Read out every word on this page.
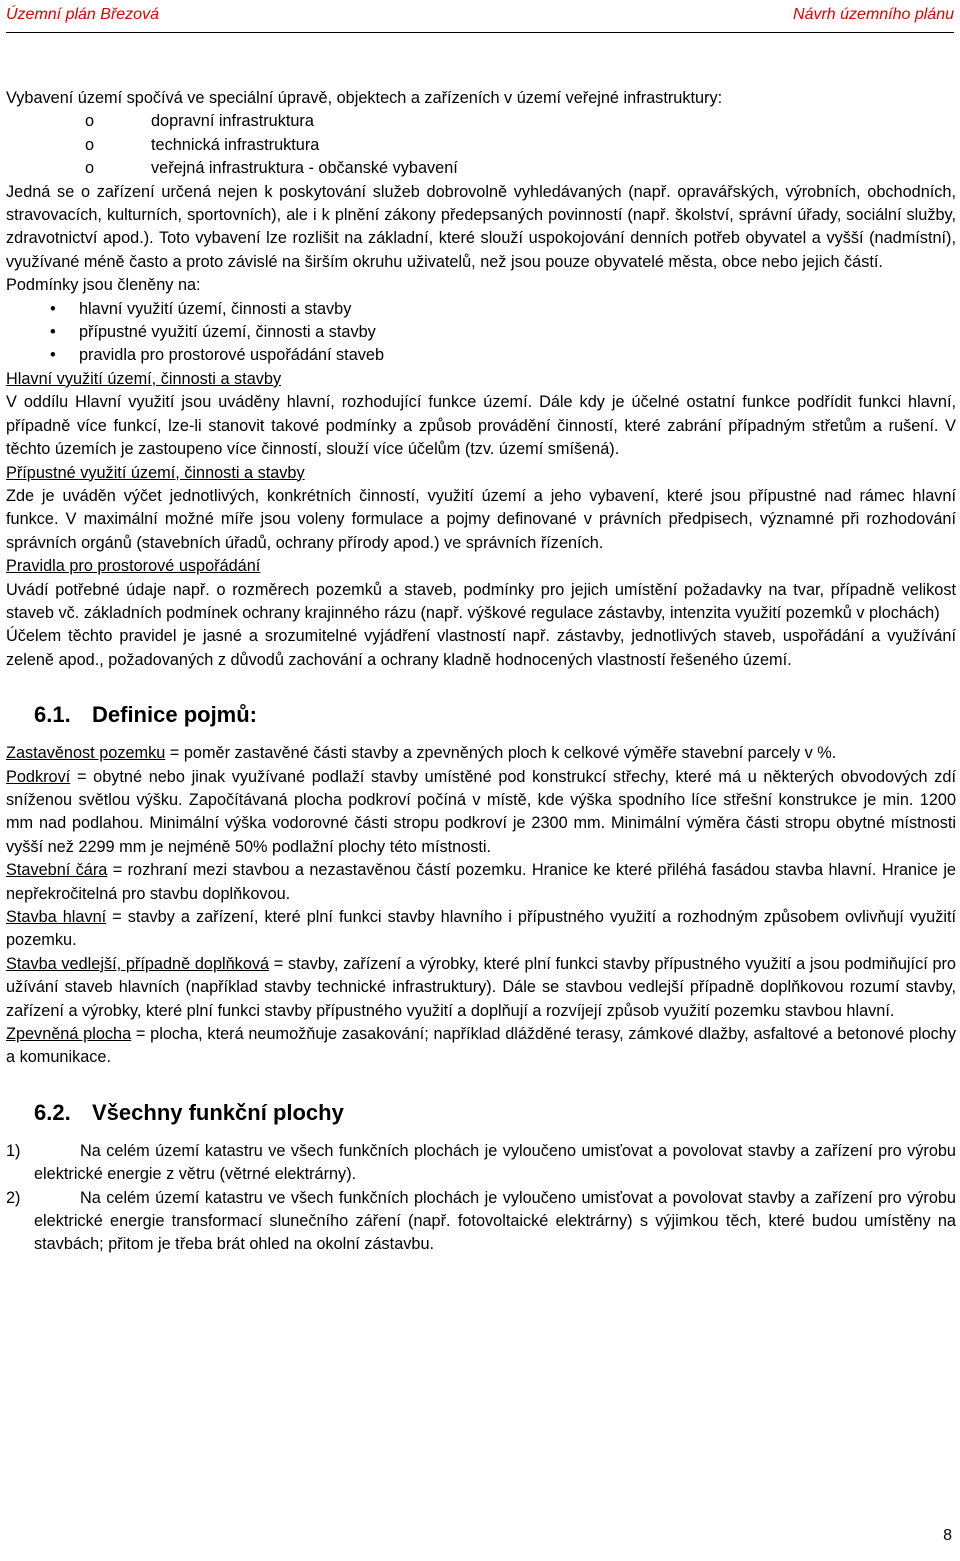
Územní plán Březová	Návrh územního plánu

Vybavení území spočívá ve speciální úpravě, objektech a zařízeních v území veřejné infrastruktury:

o	dopravní infrastruktura
o	technická infrastruktura
o	veřejná infrastruktura - občanské vybavení

Jedná se o zařízení určená nejen k poskytování služeb dobrovolně vyhledávaných (např. opravářských, výrobních, obchodních, stravovacích, kulturních, sportovních), ale i k plnění zákony předepsaných povinností (např. školství, správní úřady, sociální služby, zdravotnictví apod.). Toto vybavení lze rozlišit na základní, které slouží uspokojování denních potřeb obyvatel a vyšší (nadmístní), využívané méně často a proto závislé na širším okruhu uživatelů, než jsou pouze obyvatelé města, obce nebo jejich částí.

Podmínky jsou členěny na:

• hlavní využití území, činnosti a stavby
• přípustné využití území, činnosti a stavby
• pravidla pro prostorové uspořádání staveb

Hlavní využití území, činnosti a stavby

V oddílu Hlavní využití jsou uváděny hlavní, rozhodující funkce území. Dále kdy je účelné ostatní funkce podřídit funkci hlavní, případně více funkcí, lze-li stanovit takové podmínky a způsob provádění činností, které zabrání případným střetům a rušení. V těchto územích je zastoupeno více činností, slouží více účelům (tzv. území smíšená).

Přípustné využití území, činnosti a stavby

Zde je uváděn výčet jednotlivých, konkrétních činností, využití území a jeho vybavení, které jsou přípustné nad rámec hlavní funkce. V maximální možné míře jsou voleny formulace a pojmy definované v právních předpisech, významné při rozhodování správních orgánů (stavebních úřadů, ochrany přírody apod.) ve správních řízeních.

Pravidla pro prostorové uspořádání

Uvádí potřebné údaje např. o rozměrech pozemků a staveb, podmínky pro jejich umístění požadavky na tvar, případně velikost staveb vč. základních podmínek ochrany krajinného rázu (např. výškové regulace zástavby, intenzita využití pozemků v plochách)

Účelem těchto pravidel je jasné a srozumitelné vyjádření vlastností např. zástavby, jednotlivých staveb, uspořádání a využívání zeleně apod., požadovaných z důvodů zachování a ochrany kladně hodnocených vlastností řešeného území.

6.1. Definice pojmů:

Zastavěnost pozemku = poměr zastavěné části stavby a zpevněných ploch k celkové výměře stavební parcely v %.

Podkroví = obytné nebo jinak využívané podlaží stavby umístěné pod konstrukcí střechy, které má u některých obvodových zdí sníženou světlou výšku. Započítávaná plocha podkroví počíná v místě, kde výška spodního líce střešní konstrukce je min. 1200 mm nad podlahou. Minimální výška vodorovné části stropu podkroví je 2300 mm. Minimální výměra části stropu obytné místnosti vyšší než 2299 mm je nejméně 50% podlažní plochy této místnosti.

Stavební čára = rozhraní mezi stavbou a nezastavěnou částí pozemku. Hranice ke které přiléhá fasádou stavba hlavní. Hranice je nepřekročitelná pro stavbu doplňkovou.

Stavba hlavní = stavby a zařízení, které plní funkci stavby hlavního i přípustného využití a rozhodným způsobem ovlivňují využití pozemku.

Stavba vedlejší, případně doplňková = stavby, zařízení a výrobky, které plní funkci stavby přípustného využití a jsou podmiňující pro užívání staveb hlavních (například stavby technické infrastruktury). Dále se stavbou vedlejší případně doplňkovou rozumí stavby, zařízení a výrobky, které plní funkci stavby přípustného využití a doplňují a rozvíjejí způsob využití pozemku stavbou hlavní.

Zpevněná plocha = plocha, která neumožňuje zasakování; například dlážděné terasy, zámkové dlažby, asfaltové a betonové plochy a komunikace.

6.2. Všechny funkční plochy
1)	Na celém území katastru ve všech funkčních plochách je vyloučeno umisťovat a povolovat stavby a zařízení pro výrobu elektrické energie z větru (větrné elektrárny).
2)	Na celém území katastru ve všech funkčních plochách je vyloučeno umisťovat a povolovat stavby a zařízení pro výrobu elektrické energie transformací slunečního záření (např. fotovoltaické elektrárny) s výjimkou těch, které budou umístěny na stavbách; přitom je třeba brát ohled na okolní zástavbu.
8
